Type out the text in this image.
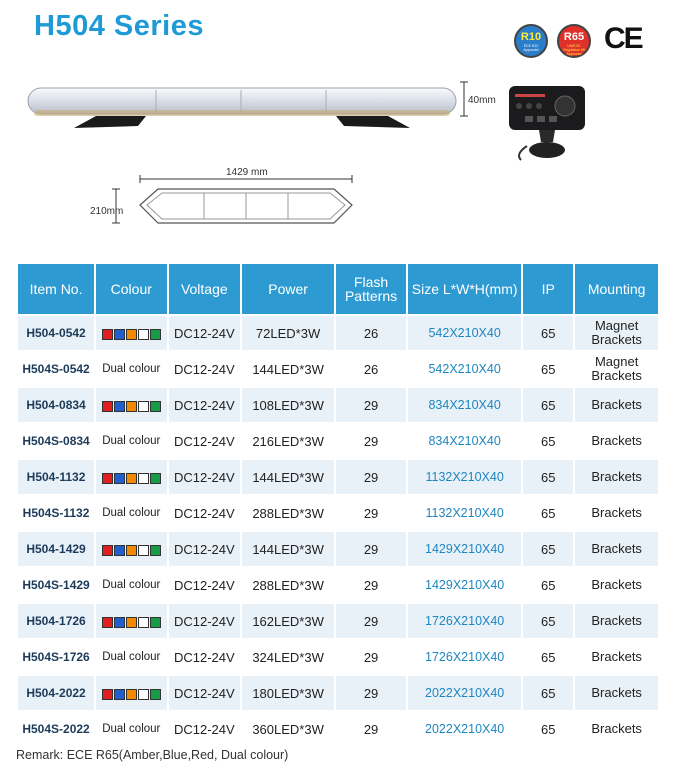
H504 Series	R10
ECE R10 Approved
R65
UN/ECE Regulation 65 Approved CE
40mm
1429 mm
210mm
Item No.	Colour	Voltage	Power	Flash Patterns	Size L*W*H(mm)	IP	Mounting
H504-0542		DC12-24V	72LED*3W	26	542X210X40	65	Magnet Brackets
H504S-0542	Dual colour	DC12-24V	144LED*3W	26	542X210X40	65	Magnet Brackets
H504-0834		DC12-24V	108LED*3W	29	834X210X40	65	Brackets
H504S-0834	Dual colour	DC12-24V	216LED*3W	29	834X210X40	65	Brackets
H504-1132		DC12-24V	144LED*3W	29	1132X210X40	65	Brackets
H504S-1132	Dual colour	DC12-24V	288LED*3W	29	1132X210X40	65	Brackets
H504-1429		DC12-24V	144LED*3W	29	1429X210X40	65	Brackets
H504S-1429	Dual colour	DC12-24V	288LED*3W	29	1429X210X40	65	Brackets
H504-1726		DC12-24V	162LED*3W	29	1726X210X40	65	Brackets
H504S-1726	Dual colour	DC12-24V	324LED*3W	29	1726X210X40	65	Brackets
H504-2022		DC12-24V	180LED*3W	29	2022X210X40	65	Brackets
H504S-2022	Dual colour	DC12-24V	360LED*3W	29	2022X210X40	65	Brackets
Remark: ECE R65(Amber,Blue,Red, Dual colour)
